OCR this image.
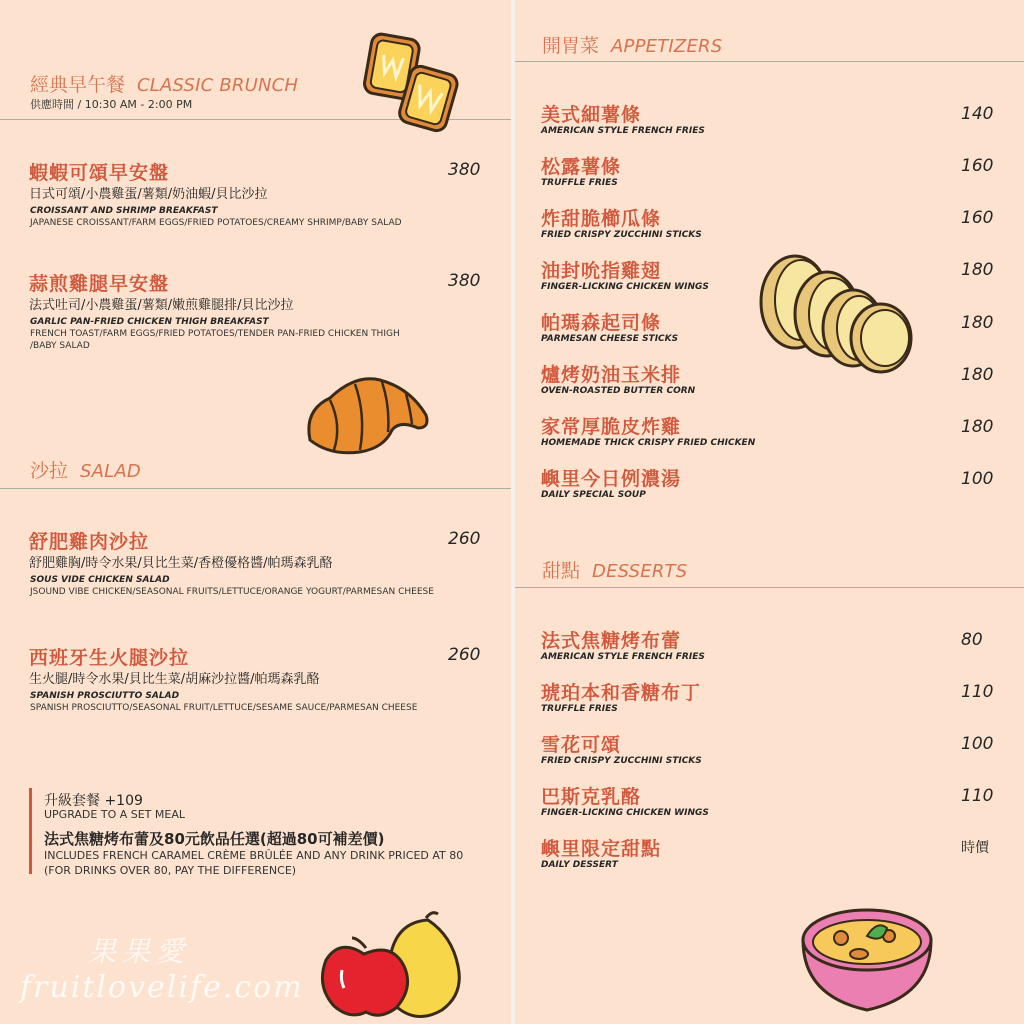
經典早午餐 CLASSIC BRUNCH
供應時間 / 10:30 AM - 2:00 PM
蝦蝦可頌早安盤	380
日式可頌/小農雞蛋/薯類/奶油蝦/貝比沙拉
CROISSANT AND SHRIMP BREAKFAST
JAPANESE CROISSANT/FARM EGGS/FRIED POTATOES/CREAMY SHRIMP/BABY SALAD
蒜煎雞腿早安盤	380
法式吐司/小農雞蛋/薯類/嫩煎雞腿排/貝比沙拉
GARLIC PAN-FRIED CHICKEN THIGH BREAKFAST
FRENCH TOAST/FARM EGGS/FRIED POTATOES/TENDER PAN-FRIED CHICKEN THIGH
/BABY SALAD
沙拉 SALAD
舒肥雞肉沙拉	260
舒肥雞胸/時令水果/貝比生菜/香橙優格醬/帕瑪森乳酪
SOUS VIDE CHICKEN SALAD
JSOUND VIBE CHICKEN/SEASONAL FRUITS/LETTUCE/ORANGE YOGURT/PARMESAN CHEESE
西班牙生火腿沙拉	260
生火腿/時令水果/貝比生菜/胡麻沙拉醬/帕瑪森乳酪
SPANISH PROSCIUTTO SALAD
SPANISH PROSCIUTTO/SEASONAL FRUIT/LETTUCE/SESAME SAUCE/PARMESAN CHEESE
升級套餐 +109
UPGRADE TO A SET MEAL
法式焦糖烤布蕾及80元飲品任選(超過80可補差價)
INCLUDES FRENCH CARAMEL CRÈME BRÛLÉE AND ANY DRINK PRICED AT 80
(FOR DRINKS OVER 80, PAY THE DIFFERENCE)
果果愛
fruitlovelife.com
開胃菜 APPETIZERS
美式細薯條
AMERICAN STYLE FRENCH FRIES
140
松露薯條
TRUFFLE FRIES
160
炸甜脆櫛瓜條
FRIED CRISPY ZUCCHINI STICKS
160
油封吮指雞翅
FINGER-LICKING CHICKEN WINGS
180
帕瑪森起司條
PARMESAN CHEESE STICKS
180
爐烤奶油玉米排
OVEN-ROASTED BUTTER CORN
180
家常厚脆皮炸雞
HOMEMADE THICK CRISPY FRIED CHICKEN
180
嶼里今日例濃湯
DAILY SPECIAL SOUP
100
甜點 DESSERTS
法式焦糖烤布蕾
AMERICAN STYLE FRENCH FRIES
80
琥珀本和香糖布丁
TRUFFLE FRIES
110
雪花可頌
FRIED CRISPY ZUCCHINI STICKS
100
巴斯克乳酪
FINGER-LICKING CHICKEN WINGS
110
嶼里限定甜點
DAILY DESSERT
時價
